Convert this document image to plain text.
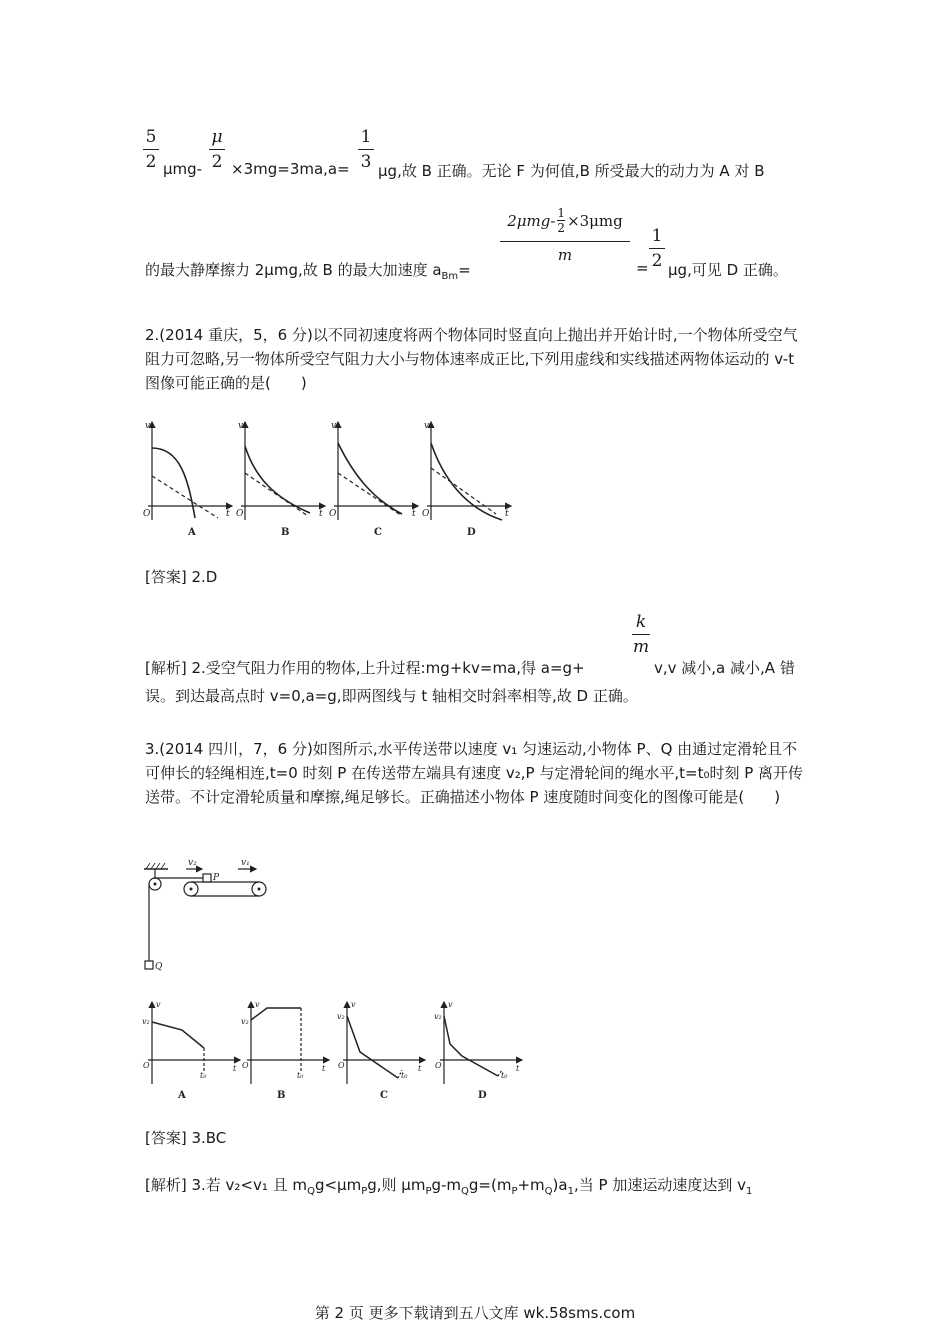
5
2 μmg-
μ
2 ×3mg=3ma,a=
1
3 μg,故 B 正确。无论 F 为何值,B 所受最大的动力为 A 对 B
的最大静摩擦力 2μmg,故 B 的最大加速度 $a_{Bm}=$
2μmg- 1
2 ×3μmg
m
=
1
2 μg,可见 D 正确。
2.(2014 重庆，5，6 分)以不同初速度将两个物体同时竖直向上抛出并开始计时,一个物体所受空气阻力可忽略,另一物体所受空气阻力大小与物体速率成正比,下列用虚线和实线描述两物体运动的 v-t 图像可能正确的是(　　)
v
O	t
v
O	t
v
O	t
v
O	t
A	B	C	D
[答案] 2.D
k
m
[解析] 2.受空气阻力作用的物体,上升过程:mg+kv=ma,得 a=g+	v,v 减小,a 减小,A 错
误。到达最高点时 v=0,a=g,即两图线与 t 轴相交时斜率相等,故 D 正确。
3.(2014 四川，7，6 分)如图所示,水平传送带以速度 v₁ 匀速运动,小物体 P、Q 由通过定滑轮且不可伸长的轻绳相连,t=0 时刻 P 在传送带左端具有速度 v₂,P 与定滑轮间的绳水平,t=t₀时刻 P 离开传送带。不计定滑轮质量和摩擦,绳足够长。正确描述小物体 P 速度随时间变化的图像可能是(　　)
v₂	v₁
P
Q
v
v₂
O
t₀
t
v
v₂
O
t₀
t
v
v₂
O
t₀
t
v
v₂
O
t₀
t
A	B	C	D
[答案] 3.BC
[解析] 3.若 v₂<v₁ 且 $m_Qg<\mu m_Pg$,则 $\mu m_Pg-m_Qg=(m_P+m_Q)a_1$,当 P 加速运动速度达到 $v_1$
第 2 页 更多下载请到五八文库 wk.58sms.com
